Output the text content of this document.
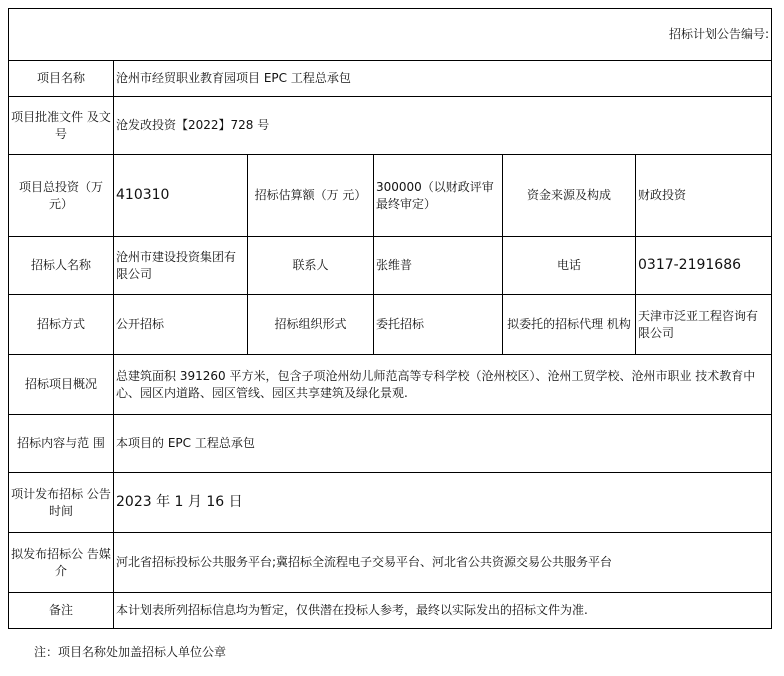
招标计划公告编号:					
项目名称	沧州市经贸职业教育园项目 EPC 工程总承包				
项目批准文件 及文号	沧发改投资【2022】728 号				
项目总投资（万元）	410310	招标估算额（万 元）	300000（以财政评审最终审定）	资金来源及构成	财政投资
招标人名称	沧州市建设投资集团有限公司	联系人	张维普	电话	0317-2191686
招标方式	公开招标	招标组织形式	委托招标	拟委托的招标代理 机构	天津市泛亚工程咨询有限公司
招标项目概况	总建筑面积 391260 平方米，包含子项沧州幼儿师范高等专科学校（沧州校区）、沧州工贸学校、沧州市职业 技术教育中心、园区内道路、园区管线、园区共享建筑及绿化景观.				
招标内容与范 围	本项目的 EPC 工程总承包				
项计发布招标 公告时间	2023 年 1 月 16 日				
拟发布招标公 告媒介	河北省招标投标公共服务平台;冀招标全流程电子交易平台、河北省公共资源交易公共服务平台				
备注	本计划表所列招标信息均为暂定，仅供潜在投标人参考，最终以实际发出的招标文件为准.				
注：项目名称处加盖招标人单位公章
